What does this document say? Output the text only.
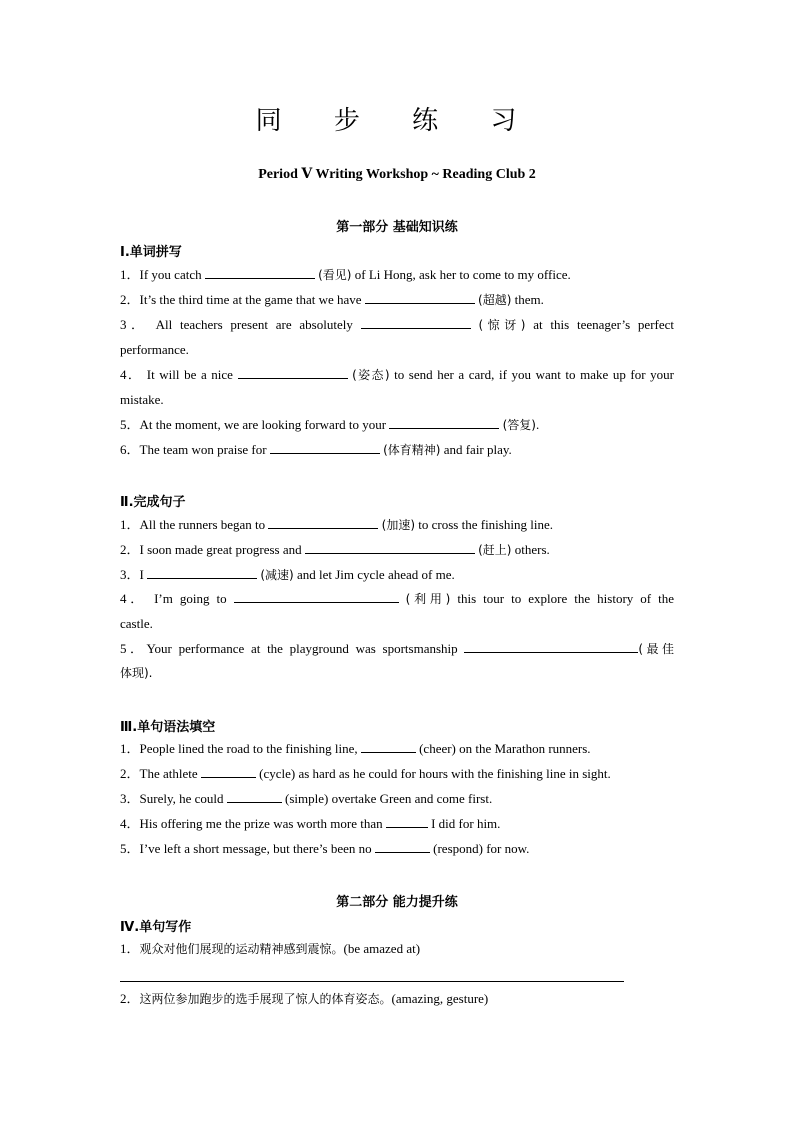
同 步 练 习
Period Ⅴ Writing Workshop ~ Reading Club 2
第一部分 基础知识练
Ⅰ.单词拼写
1．If you catch	(看见) of Li Hong, ask her to come to my office.
2．It’s the third time at the game that we have	(超越) them.
3． All teachers present are absolutely	(惊讶) at this teenager’s perfect
performance.
4． It will be a nice	(姿态) to send her a card, if you want to make up for your
mistake.
5．At the moment, we are looking forward to your	(答复).
6．The team won praise for	(体育精神) and fair play.
Ⅱ.完成句子
1．All the runners began to	(加速) to cross the finishing line.
2．I soon made great progress and	(赶上) others.
3．I	(减速) and let Jim cycle ahead of me.
4． I’m going to	(利用) this tour to explore the history of the
castle.
5．Your performance at the playground was sportsmanship	(最佳
体现).
Ⅲ.单句语法填空
1．People lined the road to the finishing line,	(cheer) on the Marathon runners.
2．The athlete	(cycle) as hard as he could for hours with the finishing line in sight.
3．Surely, he could	(simple) overtake Green and come first.
4．His offering me the prize was worth more than	I did for him.
5．I’ve left a short message, but there’s been no	(respond) for now.
第二部分 能力提升练
Ⅳ.单句写作
1．观众对他们展现的运动精神感到震惊。(be amazed at)
2．这两位参加跑步的选手展现了惊人的体育姿态。(amazing, gesture)
